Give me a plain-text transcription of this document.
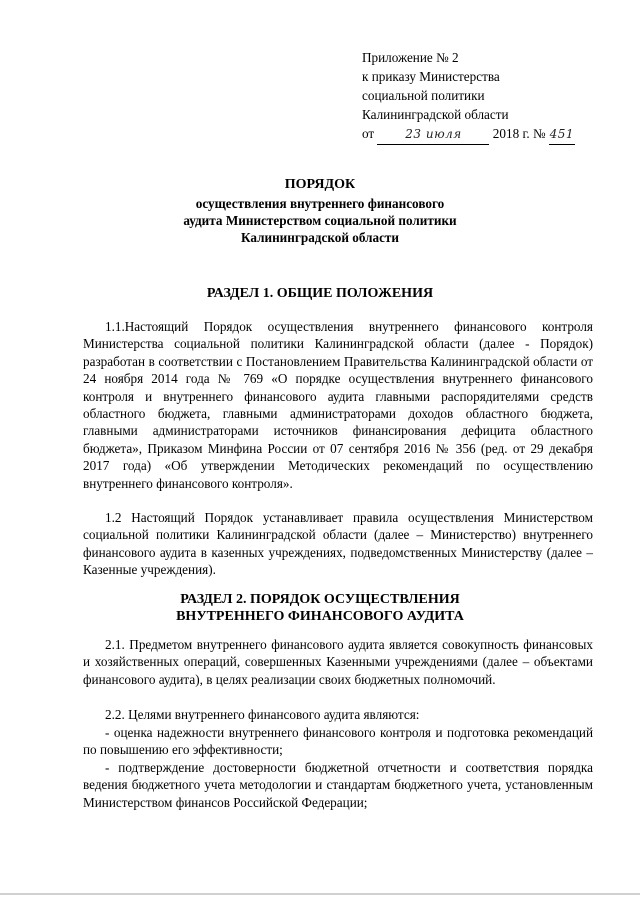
Приложение № 2
к приказу Министерства
социальной политики
Калининградской области
от	23 июля 2018 г. № 451
ПОРЯДОК
осуществления внутреннего финансового
аудита Министерством социальной политики
Калининградской области
РАЗДЕЛ 1. ОБЩИЕ ПОЛОЖЕНИЯ
1.1.Настоящий Порядок осуществления внутреннего финансового контроля Министерства социальной политики Калининградской области (далее - Порядок) разработан в соответствии с Постановлением Правительства Калининградской области от 24 ноября 2014 года № 769 «О порядке осуществления внутреннего финансового контроля и внутреннего финансового аудита главными распорядителями средств областного бюджета, главными администраторами доходов областного бюджета, главными администраторами источников финансирования дефицита областного бюджета», Приказом Минфина России от 07 сентября 2016 № 356 (ред. от 29 декабря 2017 года) «Об утверждении Методических рекомендаций по осуществлению внутреннего финансового контроля».
1.2 Настоящий Порядок устанавливает правила осуществления Министерством социальной политики Калининградской области (далее – Министерство) внутреннего финансового аудита в казенных учреждениях, подведомственных Министерству (далее – Казенные учреждения).
РАЗДЕЛ 2. ПОРЯДОК ОСУЩЕСТВЛЕНИЯ
ВНУТРЕННЕГО ФИНАНСОВОГО АУДИТА
2.1. Предметом внутреннего финансового аудита является совокупность финансовых и хозяйственных операций, совершенных Казенными учреждениями (далее – объектами финансового аудита), в целях реализации своих бюджетных полномочий.
2.2. Целями внутреннего финансового аудита являются:
- оценка надежности внутреннего финансового контроля и подготовка рекомендаций по повышению его эффективности;
- подтверждение достоверности бюджетной отчетности и соответствия порядка ведения бюджетного учета методологии и стандартам бюджетного учета, установленным Министерством финансов Российской Федерации;
